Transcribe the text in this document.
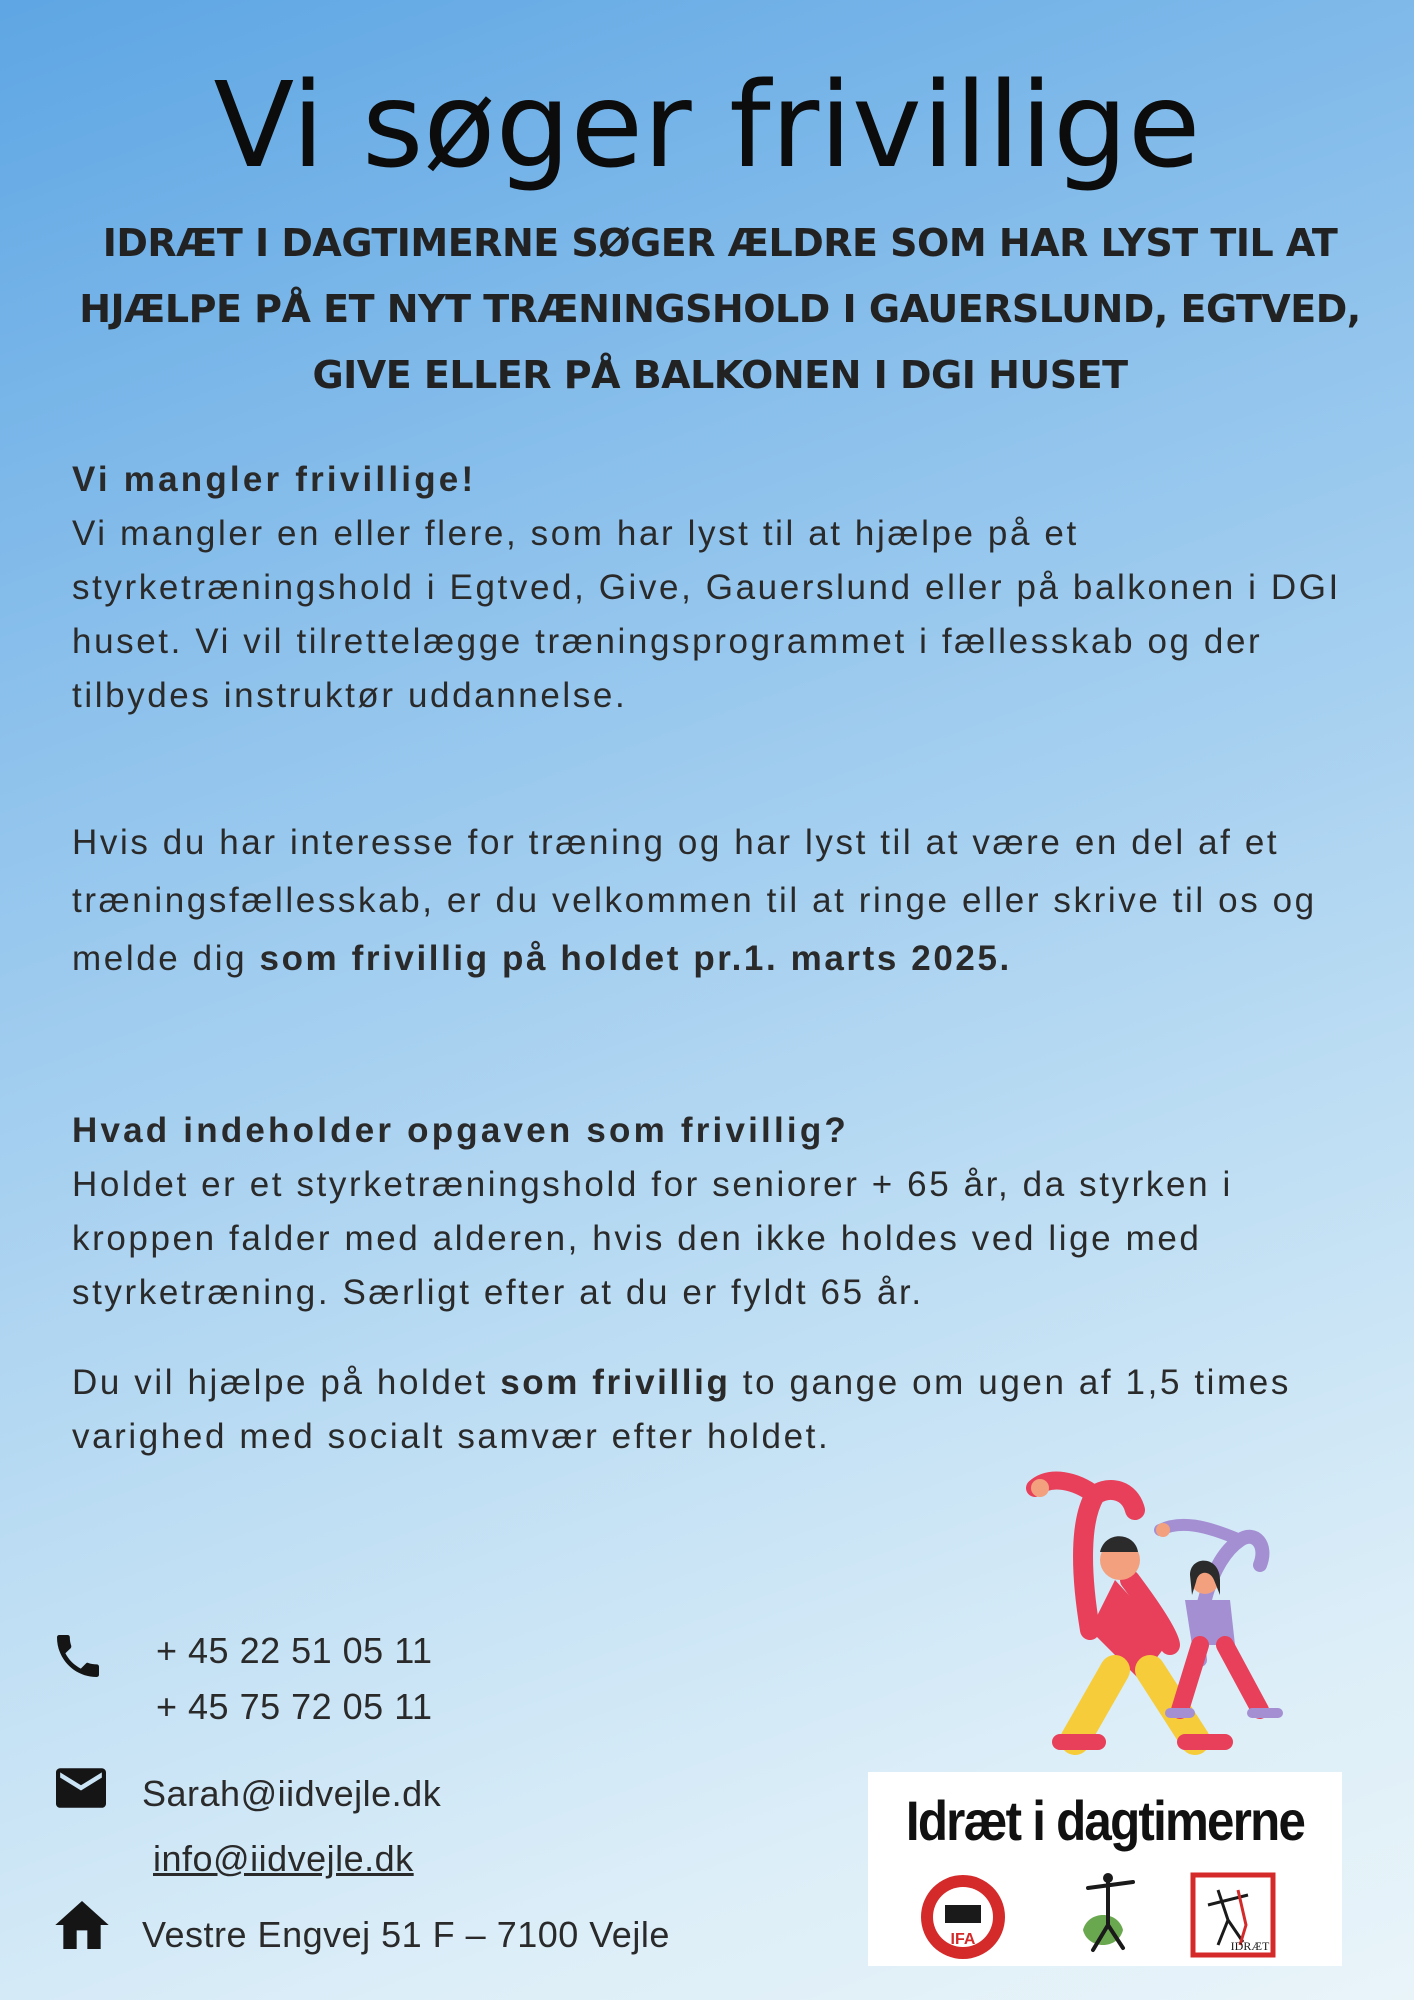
Vi søger frivillige

IDRÆT I DAGTIMERNE SØGER ÆLDRE SOM HAR LYST TIL AT HJÆLPE PÅ ET NYT TRÆNINGSHOLD I GAUERSLUND, EGTVED, GIVE ELLER PÅ BALKONEN I DGI HUSET

Vi mangler frivillige!
Vi mangler en eller flere, som har lyst til at hjælpe på et styrketræningshold i Egtved, Give, Gauerslund eller på balkonen i DGI huset. Vi vil tilrettelægge træningsprogrammet i fællesskab og der tilbydes instruktør uddannelse.
Hvis du har interesse for træning og har lyst til at være en del af et træningsfællesskab, er du velkommen til at ringe eller skrive til os og melde dig som frivillig på holdet pr.1. marts 2025.
Hvad indeholder opgaven som frivillig?
Holdet er et styrketræningshold for seniorer + 65 år, da styrken i kroppen falder med alderen, hvis den ikke holdes ved lige med styrketræning. Særligt efter at du er fyldt 65 år.
Du vil hjælpe på holdet som frivillig to gange om ugen af 1,5 times varighed med socialt samvær efter holdet.
+ 45 22 51 05 11
+ 45 75 72 05 11
Sarah@iidvejle.dk
info@iidvejle.dk
Vestre Engvej 51 F – 7100 Vejle
Idræt i dagtimerne
IFA	IDRÆT
